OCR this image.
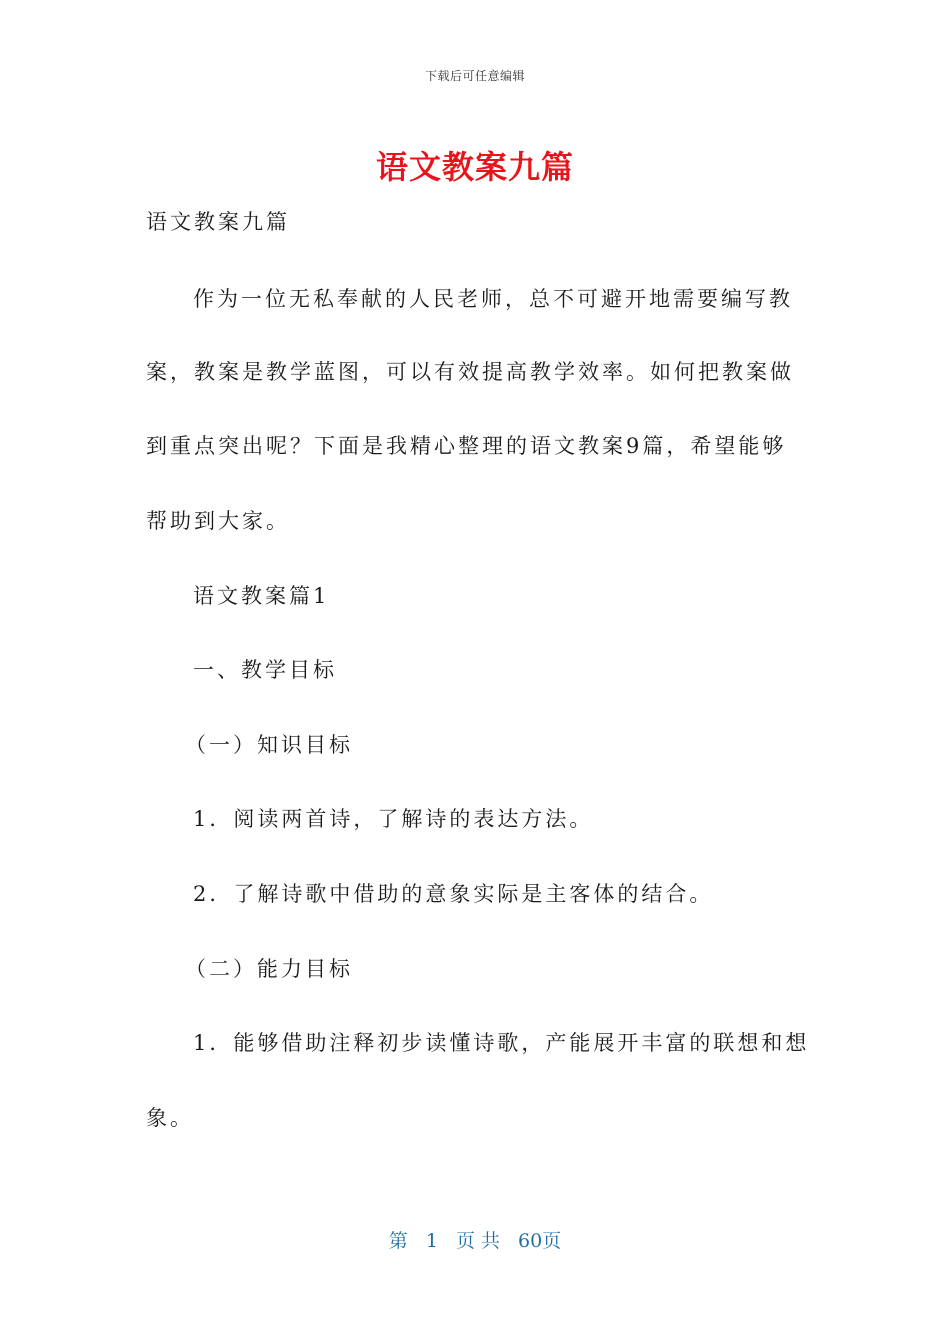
下载后可任意编辑
语文教案九篇
语文教案九篇
作为一位无私奉献的人民老师，总不可避开地需要编写教
案，教案是教学蓝图，可以有效提高教学效率。如何把教案做
到重点突出呢？下面是我精心整理的语文教案9篇，希望能够
帮助到大家。
语文教案篇1
一、教学目标
（一）知识目标
1．阅读两首诗，了解诗的表达方法。
2．了解诗歌中借助的意象实际是主客体的结合。
（二）能力目标
1．能够借助注释初步读懂诗歌，产能展开丰富的联想和想
象。
第 1 页 共 60页
